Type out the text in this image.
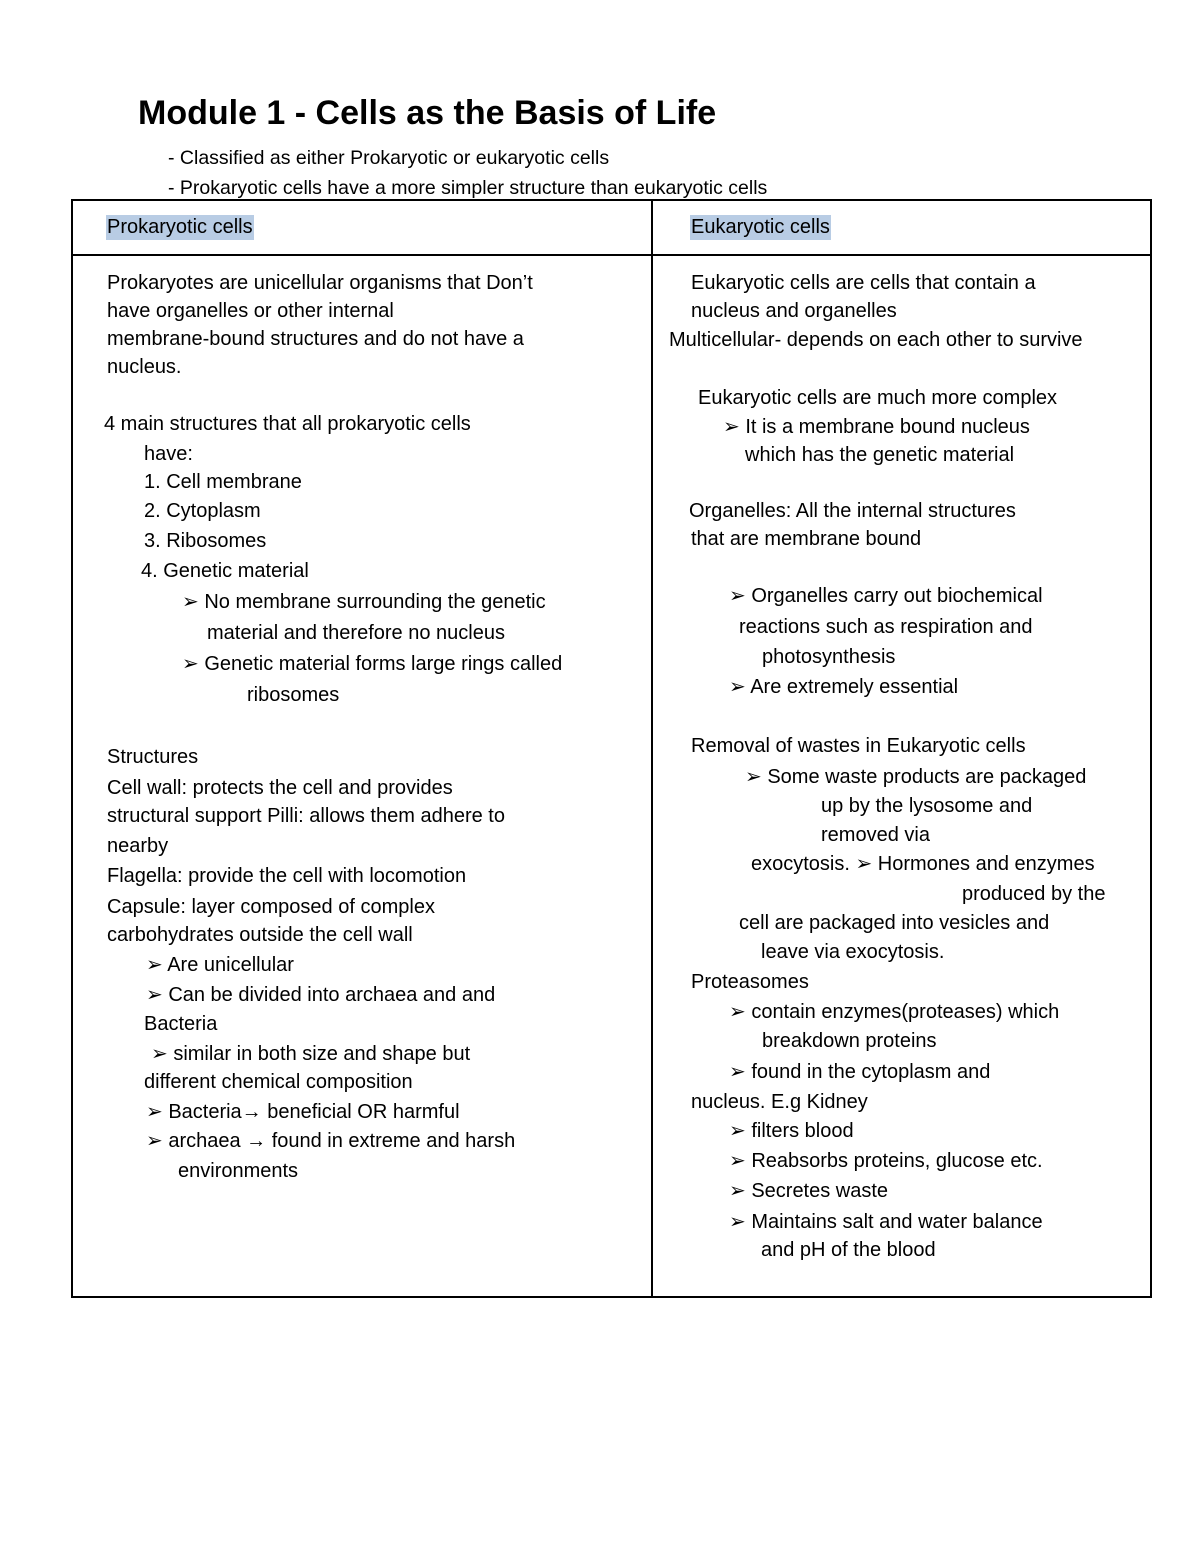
Module 1 - Cells as the Basis of Life
- Classified as either Prokaryotic or eukaryotic cells
- Prokaryotic cells have a more simpler structure than eukaryotic cells
Prokaryotic cells	Eukaryotic cells
Prokaryotes are unicellular organisms that Don’t
have organelles or other internal
membrane-bound structures and do not have a
nucleus.
4 main structures that all prokaryotic cells
have:
1. Cell membrane
2. Cytoplasm
3. Ribosomes
4. Genetic material
➢ No membrane surrounding the genetic
material and therefore no nucleus
➢ Genetic material forms large rings called
ribosomes
Structures
Cell wall: protects the cell and provides
structural support Pilli: allows them adhere to
nearby
Flagella: provide the cell with locomotion
Capsule: layer composed of complex
carbohydrates outside the cell wall
➢ Are unicellular
➢ Can be divided into archaea and and
Bacteria
➢ similar in both size and shape but
different chemical composition
➢ Bacteria→ beneficial OR harmful
➢ archaea → found in extreme and harsh
environments
Eukaryotic cells are cells that contain a
nucleus and organelles
Multicellular- depends on each other to survive
Eukaryotic cells are much more complex
➢ It is a membrane bound nucleus
which has the genetic material
Organelles: All the internal structures
that are membrane bound
➢ Organelles carry out biochemical
reactions such as respiration and
photosynthesis
➢ Are extremely essential
Removal of wastes in Eukaryotic cells
➢ Some waste products are packaged
up by the lysosome and
removed via
exocytosis. ➢ Hormones and enzymes
produced by the
cell are packaged into vesicles and
leave via exocytosis.
Proteasomes
➢ contain enzymes(proteases) which
breakdown proteins
➢ found in the cytoplasm and
nucleus. E.g Kidney
➢ filters blood
➢ Reabsorbs proteins, glucose etc.
➢ Secretes waste
➢ Maintains salt and water balance
and pH of the blood
